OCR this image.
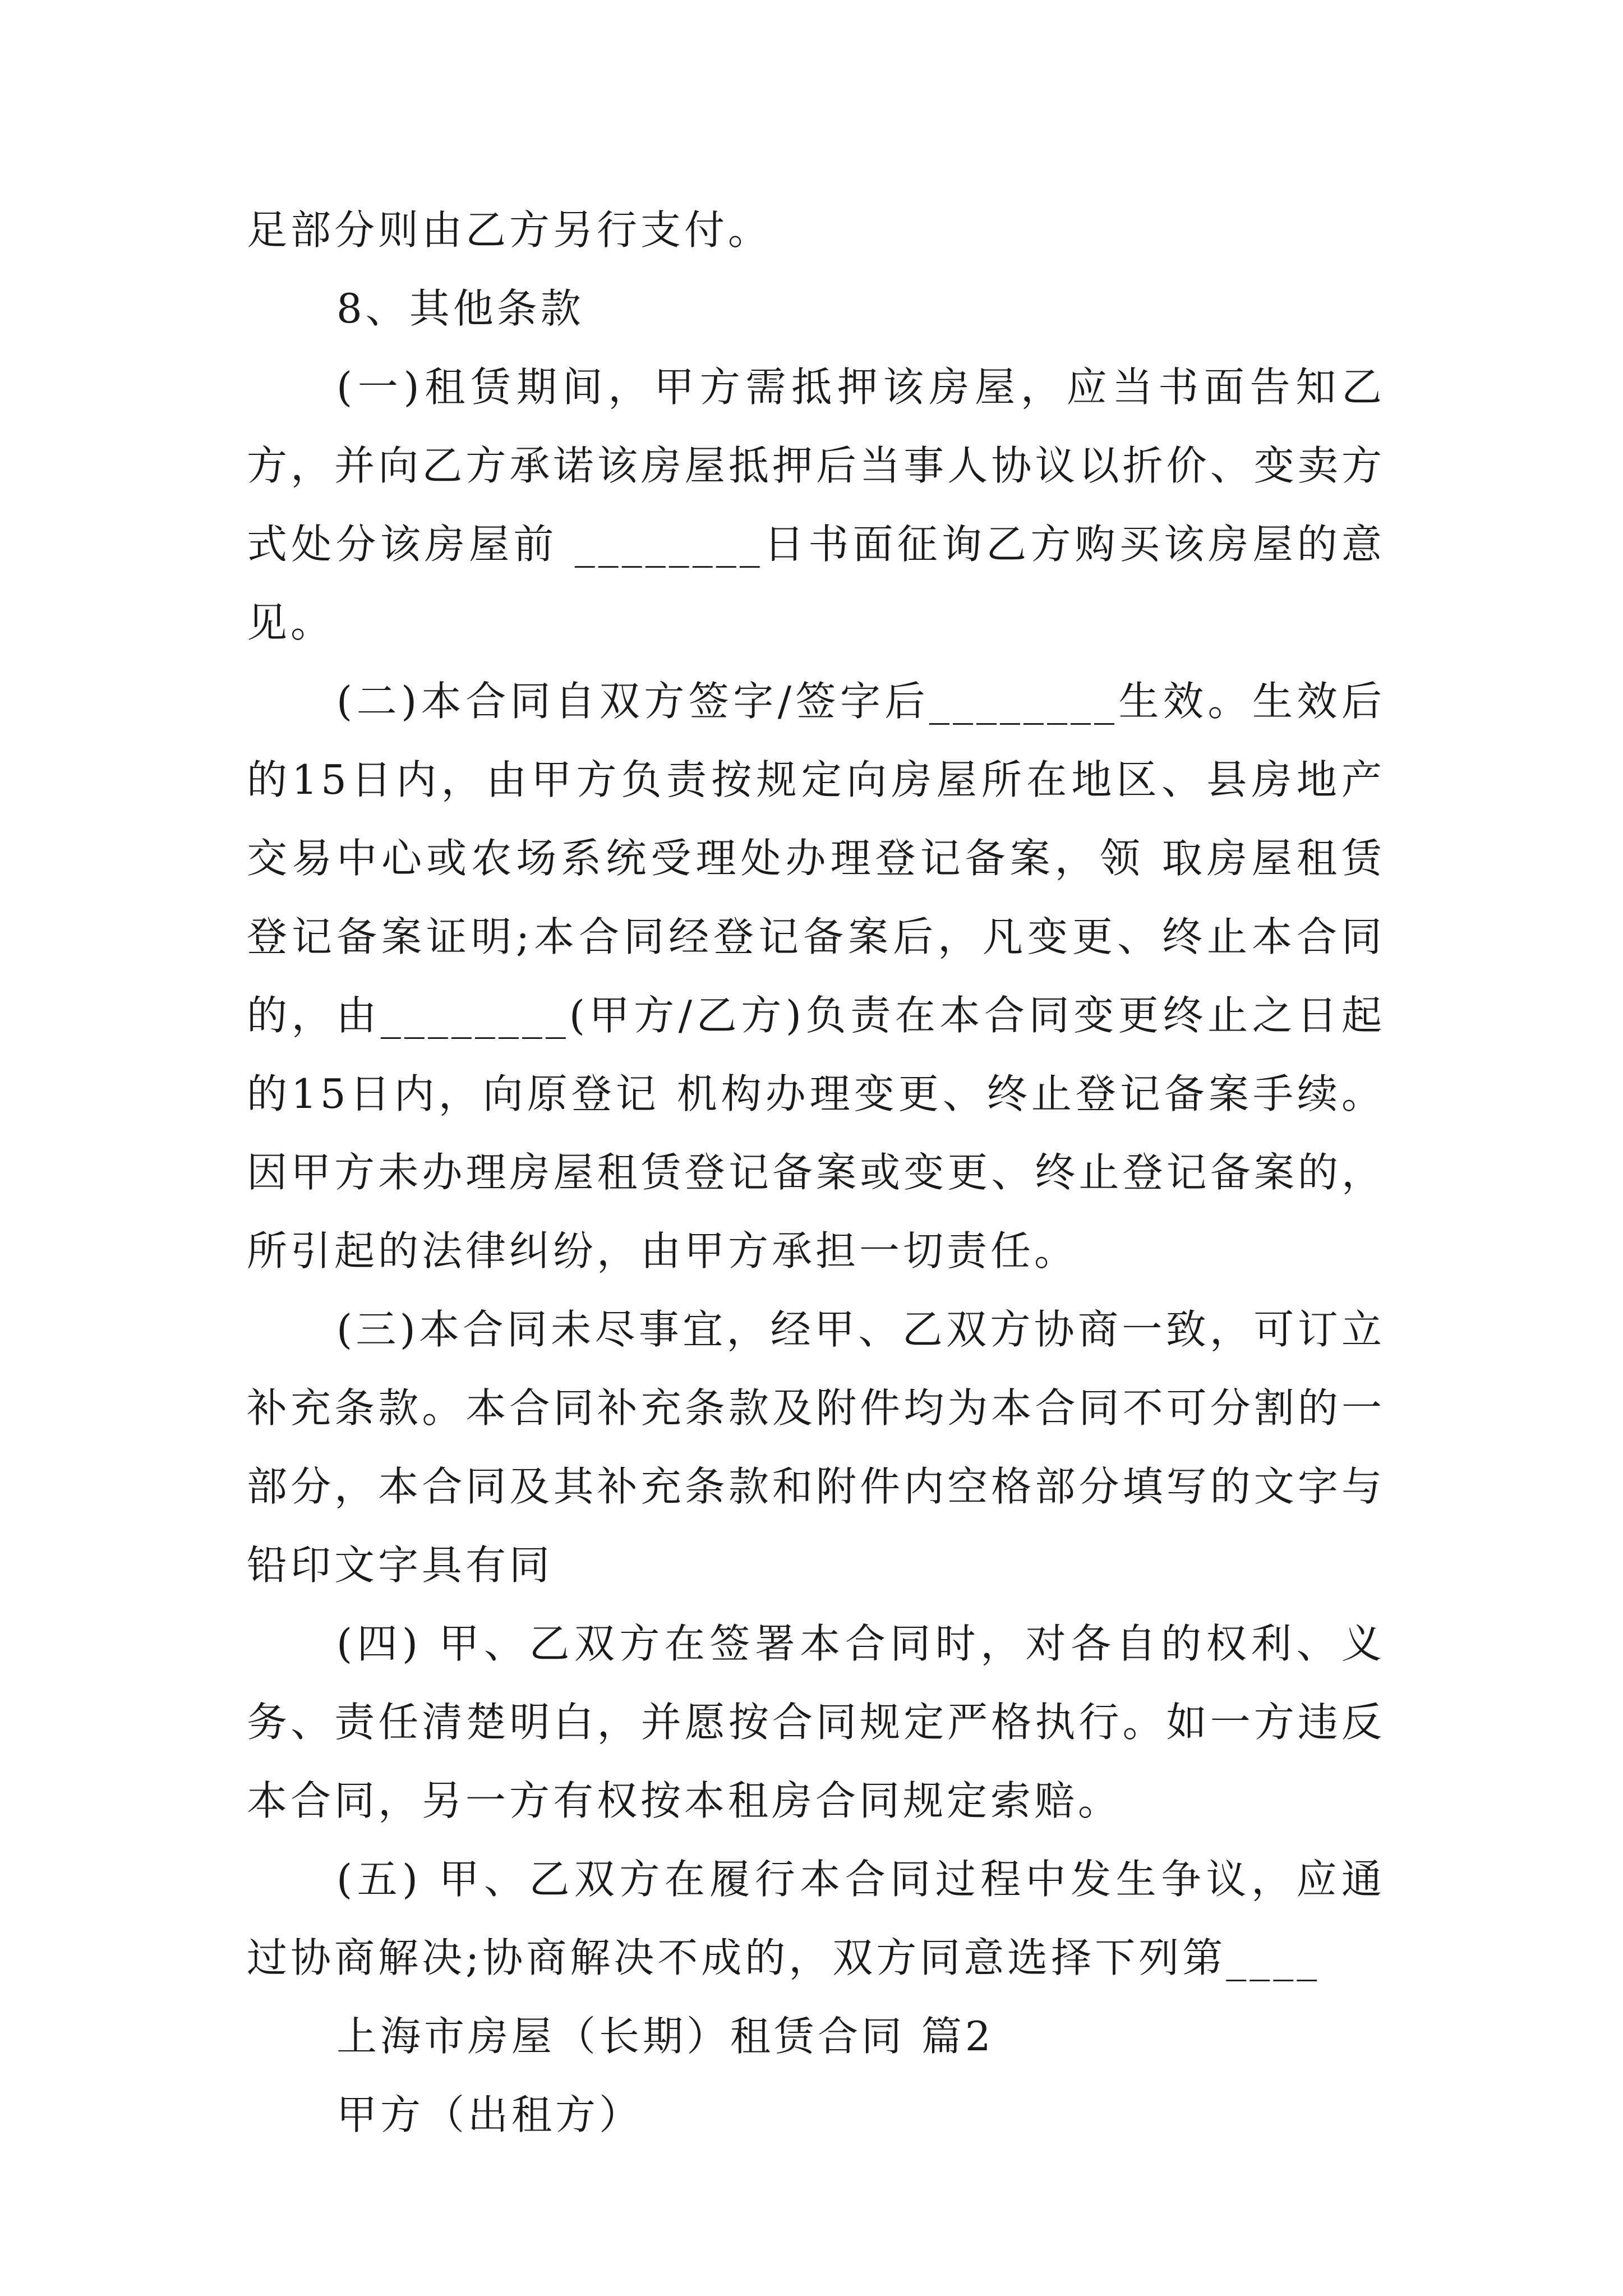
足部分则由乙方另行支付。

8、其他条款

(一)租赁期间，甲方需抵押该房屋，应当书面告知乙方，并向乙方承诺该房屋抵押后当事人协议以折价、变卖方式处分该房屋前 ________日书面征询乙方购买该房屋的意见。

(二)本合同自双方签字/签字后________生效。生效后的15日内，由甲方负责按规定向房屋所在地区、县房地产交易中心或农场系统受理处办理登记备案，领 取房屋租赁登记备案证明;本合同经登记备案后，凡变更、终止本合同的，由________(甲方/乙方)负责在本合同变更终止之日起的15日内，向原登记 机构办理变更、终止登记备案手续。因甲方未办理房屋租赁登记备案或变更、终止登记备案的，所引起的法律纠纷，由甲方承担一切责任。

(三)本合同未尽事宜，经甲、乙双方协商一致，可订立补充条款。本合同补充条款及附件均为本合同不可分割的一部分，本合同及其补充条款和附件内空格部分填写的文字与铅印文字具有同

(四) 甲、乙双方在签署本合同时，对各自的权利、义务、责任清楚明白，并愿按合同规定严格执行。如一方违反本合同，另一方有权按本租房合同规定索赔。

(五) 甲、乙双方在履行本合同过程中发生争议，应通过协商解决;协商解决不成的，双方同意选择下列第____

上海市房屋（长期）租赁合同 篇2

甲方（出租方）
